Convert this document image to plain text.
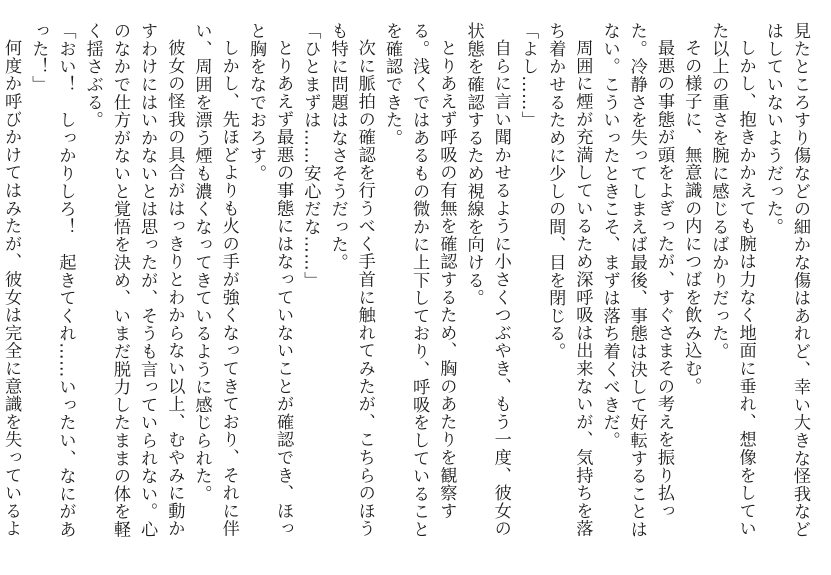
見たところすり傷などの細かな傷はあれど、幸い大きな怪我などはしていないようだった。

しかし、抱きかかえても腕は力なく地面に垂れ、想像をしていた以上の重さを腕に感じるばかりだった。

その様子に、無意識の内につばを飲み込む。

最悪の事態が頭をよぎったが、すぐさまその考えを振り払った。冷静さを失ってしまえば最後、事態は決して好転することはない。こういったときこそ、まずは落ち着くべきだ。

周囲に煙が充満しているため深呼吸は出来ないが、気持ちを落ち着かせるために少しの間、目を閉じる。

「よし……」

自らに言い聞かせるように小さくつぶやき、もう一度、彼女の状態を確認するため視線を向ける。

とりあえず呼吸の有無を確認するため、胸のあたりを観察する。浅くではあるもの微かに上下しており、呼吸をしていることを確認できた。

次に脈拍の確認を行うべく手首に触れてみたが、こちらのほうも特に問題はなさそうだった。

「ひとまずは……安心だな……」

とりあえず最悪の事態にはなっていないことが確認でき、ほっと胸をなでおろす。

しかし、先ほどよりも火の手が強くなってきており、それに伴い、周囲を漂う煙も濃くなってきているように感じられた。

彼女の怪我の具合がはっきりとわからない以上、むやみに動かすわけにはいかないとは思ったが、そうも言っていられない。心のなかで仕方がないと覚悟を決め、いまだ脱力したままの体を軽く揺さぶる。

「おい！　しっかりしろ！　起きてくれ……いったい、なにがあった！」

何度か呼びかけてはみたが、彼女は完全に意識を失っているよ
